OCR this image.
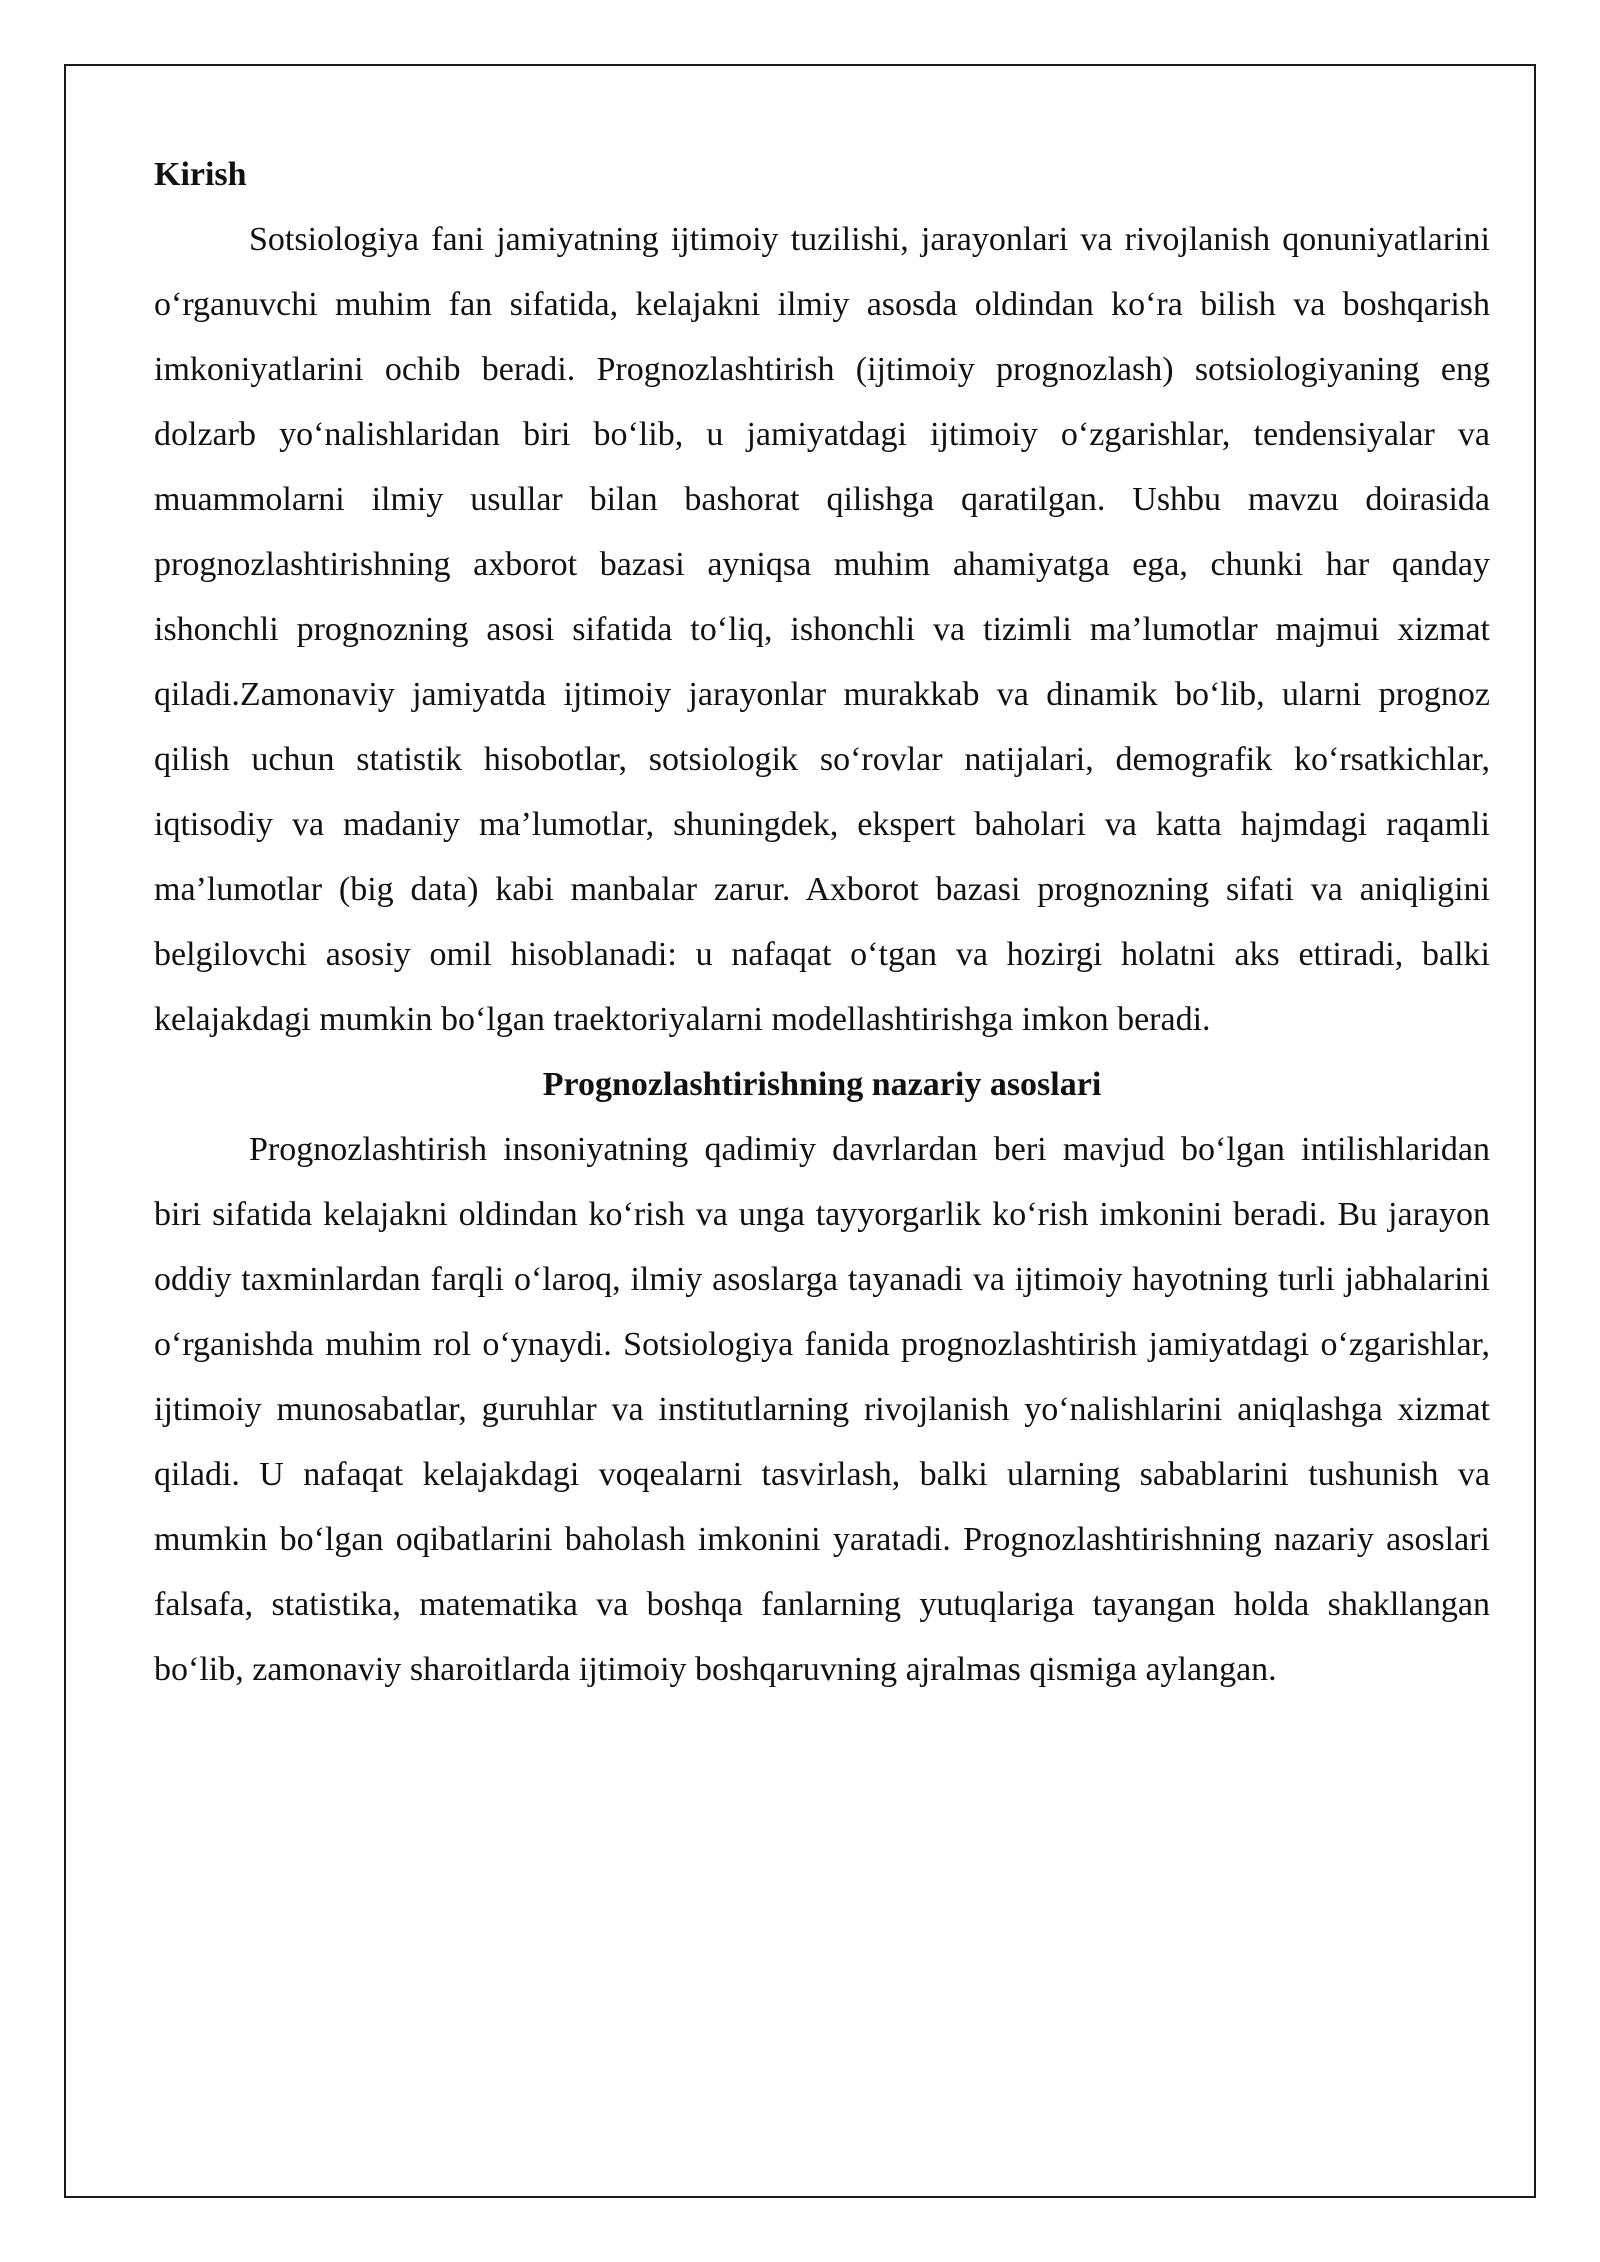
Kirish

Sotsiologiya fani jamiyatning ijtimoiy tuzilishi, jarayonlari va rivojlanish qonuniyatlarini o‘rganuvchi muhim fan sifatida, kelajakni ilmiy asosda oldindan ko‘ra bilish va boshqarish imkoniyatlarini ochib beradi. Prognozlashtirish (ijtimoiy prognozlash) sotsiologiyaning eng dolzarb yo‘nalishlaridan biri bo‘lib, u jamiyatdagi ijtimoiy o‘zgarishlar, tendensiyalar va muammolarni ilmiy usullar bilan bashorat qilishga qaratilgan. Ushbu mavzu doirasida prognozlashtirishning axborot bazasi ayniqsa muhim ahamiyatga ega, chunki har qanday ishonchli prognozning asosi sifatida to‘liq, ishonchli va tizimli ma’lumotlar majmui xizmat qiladi.Zamonaviy jamiyatda ijtimoiy jarayonlar murakkab va dinamik bo‘lib, ularni prognoz qilish uchun statistik hisobotlar, sotsiologik so‘rovlar natijalari, demografik ko‘rsatkichlar, iqtisodiy va madaniy ma’lumotlar, shuningdek, ekspert baholari va katta hajmdagi raqamli ma’lumotlar (big data) kabi manbalar zarur. Axborot bazasi prognozning sifati va aniqligini belgilovchi asosiy omil hisoblanadi: u nafaqat o‘tgan va hozirgi holatni aks ettiradi, balki kelajakdagi mumkin bo‘lgan traektoriyalarni modellashtirishga imkon beradi.

Prognozlashtirishning nazariy asoslari

Prognozlashtirish insoniyatning qadimiy davrlardan beri mavjud bo‘lgan intilishlaridan biri sifatida kelajakni oldindan ko‘rish va unga tayyorgarlik ko‘rish imkonini beradi. Bu jarayon oddiy taxminlardan farqli o‘laroq, ilmiy asoslarga tayanadi va ijtimoiy hayotning turli jabhalarini o‘rganishda muhim rol o‘ynaydi. Sotsiologiya fanida prognozlashtirish jamiyatdagi o‘zgarishlar, ijtimoiy munosabatlar, guruhlar va institutlarning rivojlanish yo‘nalishlarini aniqlashga xizmat qiladi. U nafaqat kelajakdagi voqealarni tasvirlash, balki ularning sabablarini tushunish va mumkin bo‘lgan oqibatlarini baholash imkonini yaratadi. Prognozlashtirishning nazariy asoslari falsafa, statistika, matematika va boshqa fanlarning yutuqlariga tayangan holda shakllangan bo‘lib, zamonaviy sharoitlarda ijtimoiy boshqaruvning ajralmas qismiga aylangan.
